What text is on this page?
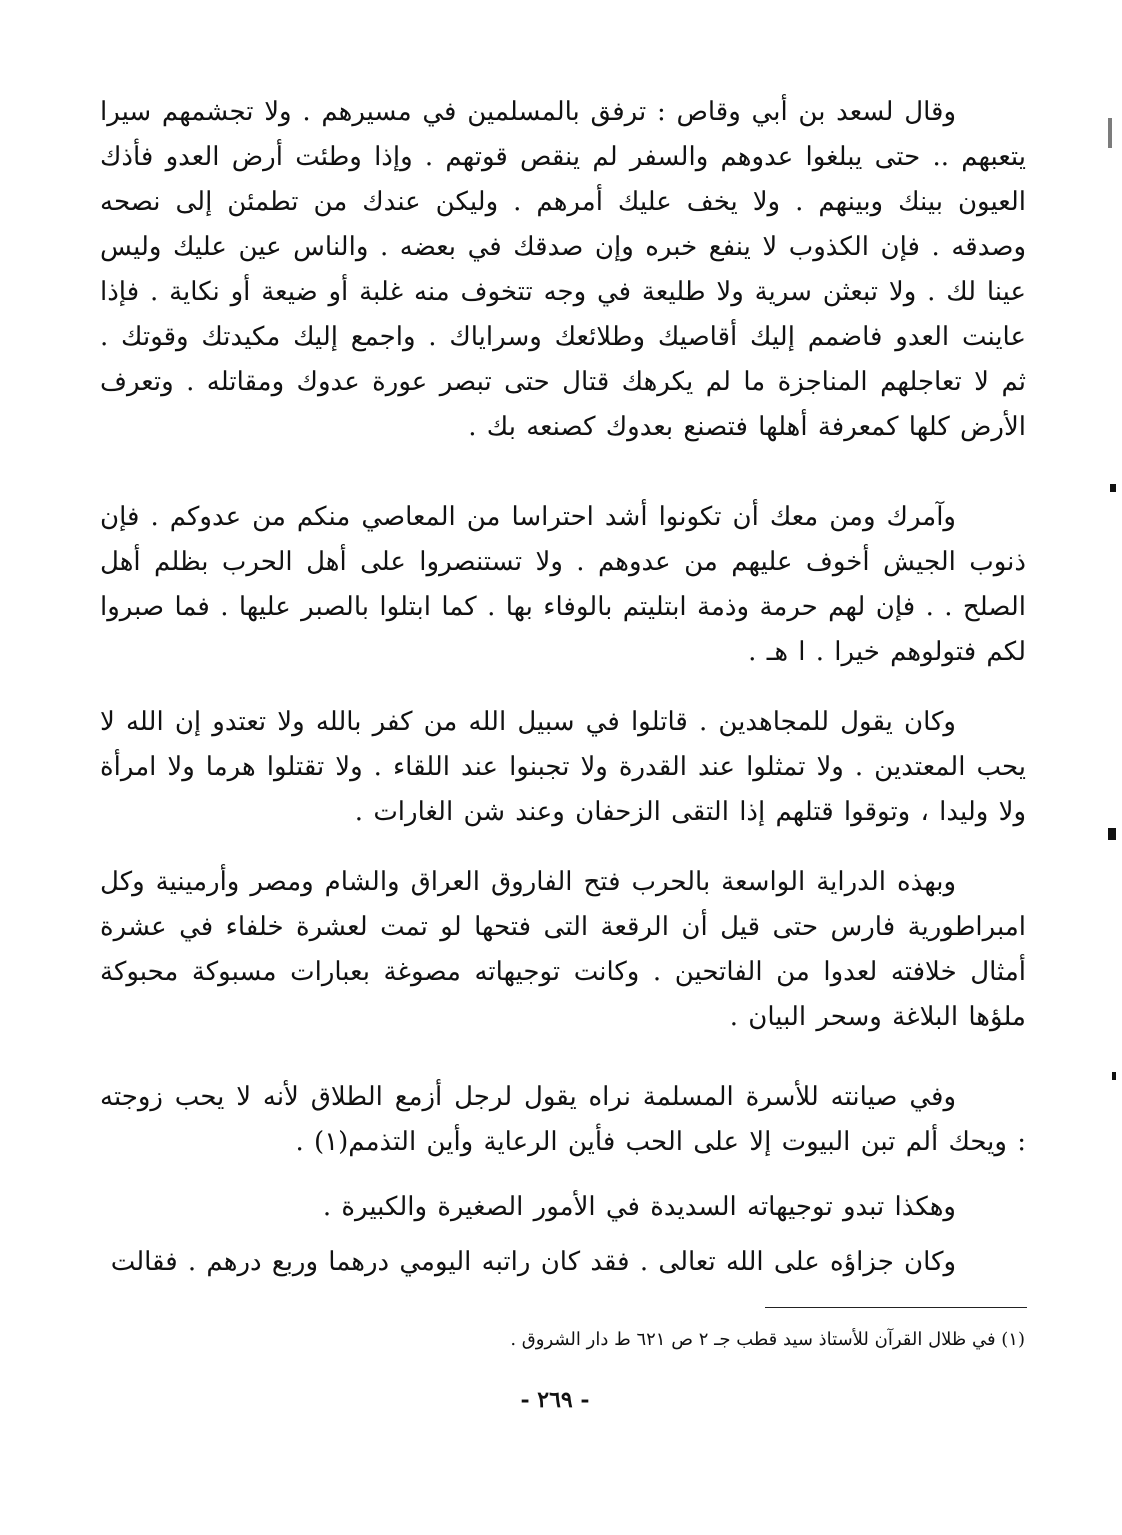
وقال لسعد بن أبي وقاص : ترفق بالمسلمين في مسيرهم . ولا تجشمهم سيرا يتعبهم .. حتى يبلغوا عدوهم والسفر لم ينقص قوتهم . وإذا وطئت أرض العدو فأذك العيون بينك وبينهم . ولا يخف عليك أمرهم . وليكن عندك من تطمئن إلى نصحه وصدقه . فإن الكذوب لا ينفع خبره وإن صدقك في بعضه . والناس عين عليك وليس عينا لك . ولا تبعثن سرية ولا طليعة في وجه تتخوف منه غلبة أو ضيعة أو نكاية . فإذا عاينت العدو فاضمم إليك أقاصيك وطلائعك وسراياك . واجمع إليك مكيدتك وقوتك . ثم لا تعاجلهم المناجزة ما لم يكرهك قتال حتى تبصر عورة عدوك ومقاتله . وتعرف الأرض كلها كمعرفة أهلها فتصنع بعدوك كصنعه بك .

وآمرك ومن معك أن تكونوا أشد احتراسا من المعاصي منكم من عدوكم . فإن ذنوب الجيش أخوف عليهم من عدوهم . ولا تستنصروا على أهل الحرب بظلم أهل الصلح . . فإن لهم حرمة وذمة ابتليتم بالوفاء بها . كما ابتلوا بالصبر عليها . فما صبروا لكم فتولوهم خيرا . ا هـ .

وكان يقول للمجاهدين . قاتلوا في سبيل الله من كفر بالله ولا تعتدو إن الله لا يحب المعتدين . ولا تمثلوا عند القدرة ولا تجبنوا عند اللقاء . ولا تقتلوا هرما ولا امرأة ولا وليدا ، وتوقوا قتلهم إذا التقى الزحفان وعند شن الغارات .

وبهذه الدراية الواسعة بالحرب فتح الفاروق العراق والشام ومصر وأرمينية وكل امبراطورية فارس حتى قيل أن الرقعة التى فتحها لو تمت لعشرة خلفاء في عشرة أمثال خلافته لعدوا من الفاتحين . وكانت توجيهاته مصوغة بعبارات مسبوكة محبوكة ملؤها البلاغة وسحر البيان .

وفي صيانته للأسرة المسلمة نراه يقول لرجل أزمع الطلاق لأنه لا يحب زوجته : ويحك ألم تبن البيوت إلا على الحب فأين الرعاية وأين التذمم(١) .

وهكذا تبدو توجيهاته السديدة في الأمور الصغيرة والكبيرة .

وكان جزاؤه على الله تعالى . فقد كان راتبه اليومي درهما وربع درهم . فقالت

(١) في ظلال القرآن للأستاذ سيد قطب جـ ٢ ص ٦٢١ ط دار الشروق .
- ٢٦٩ -
